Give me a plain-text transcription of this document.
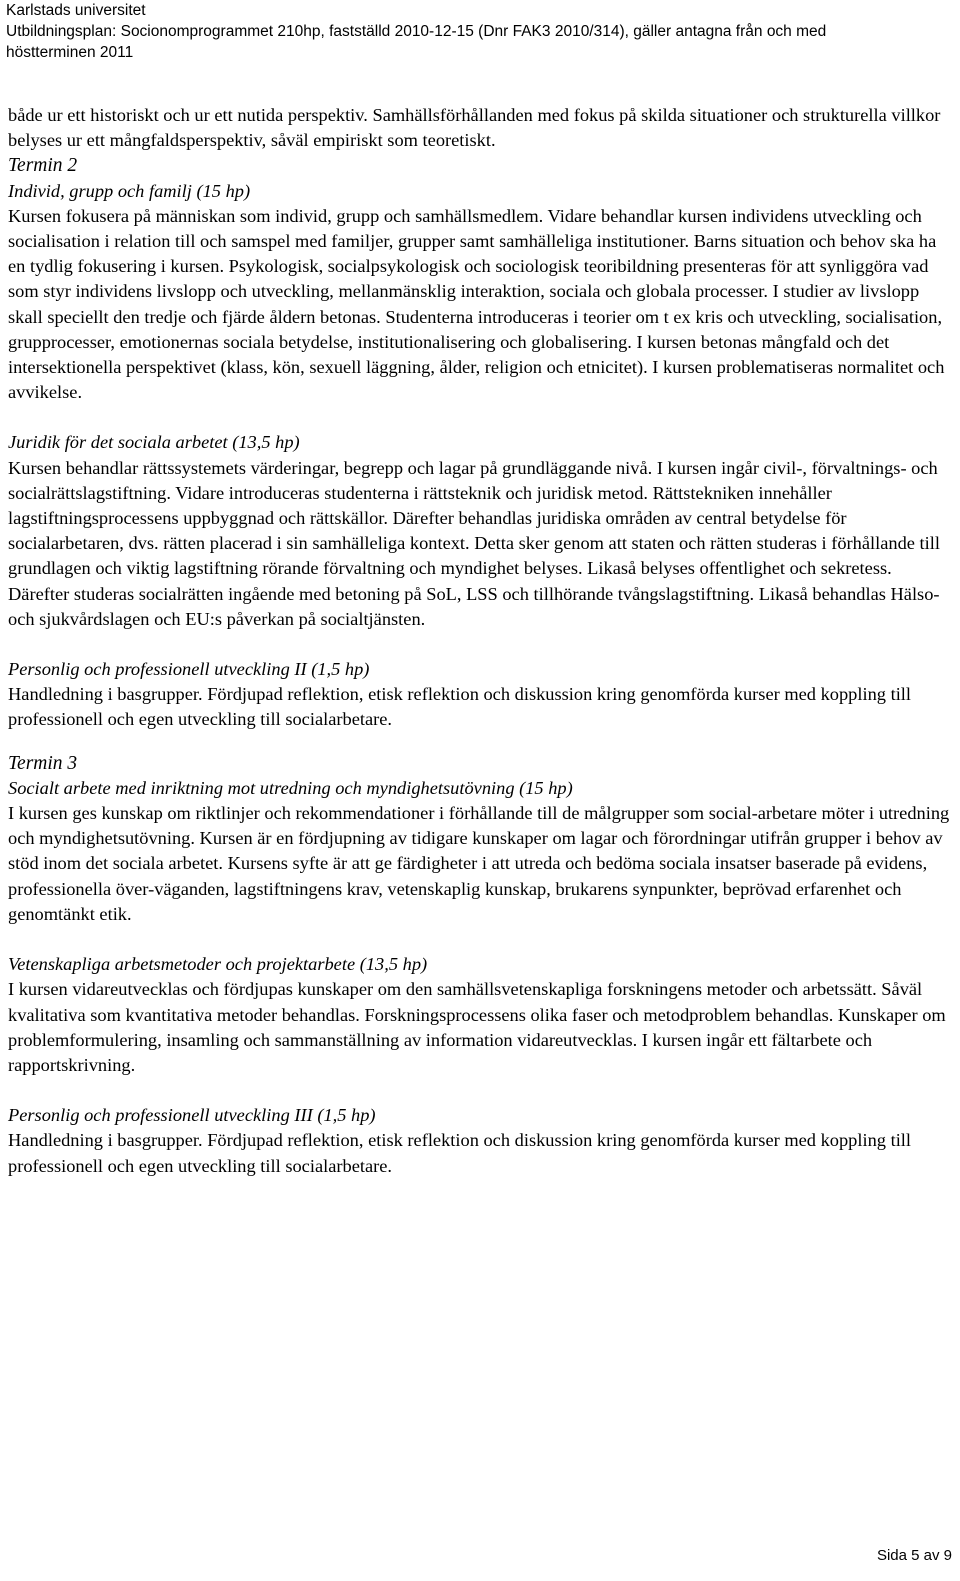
Karlstads universitet
Utbildningsplan: Socionomprogrammet 210hp, fastställd 2010-12-15 (Dnr FAK3 2010/314), gäller antagna från och med
höstterminen 2011

både ur ett historiskt och ur ett nutida perspektiv. Samhällsförhållanden med fokus på skilda situationer och strukturella villkor belyses ur ett mångfaldsperspektiv, såväl empiriskt som teoretiskt.

Termin 2

Individ, grupp och familj (15 hp)

Kursen fokusera på människan som individ, grupp och samhällsmedlem. Vidare behandlar kursen individens utveckling och socialisation i relation till och samspel med familjer, grupper samt samhälleliga institutioner. Barns situation och behov ska ha en tydlig fokusering i kursen. Psykologisk, socialpsykologisk och sociologisk teoribildning presenteras för att synliggöra vad som styr individens livslopp och utveckling, mellanmänsklig interaktion, sociala och globala processer. I studier av livslopp skall speciellt den tredje och fjärde åldern betonas. Studenterna introduceras i teorier om t ex kris och utveckling, socialisation, grupprocesser, emotionernas sociala betydelse, institutionalisering och globalisering. I kursen betonas mångfald och det intersektionella perspektivet (klass, kön, sexuell läggning, ålder, religion och etnicitet). I kursen problematiseras normalitet och avvikelse.

Juridik för det sociala arbetet (13,5 hp)

Kursen behandlar rättssystemets värderingar, begrepp och lagar på grundläggande nivå. I kursen ingår civil-, förvaltnings- och socialrättslagstiftning. Vidare introduceras studenterna i rättsteknik och juridisk metod. Rättstekniken innehåller lagstiftningsprocessens uppbyggnad och rättskällor. Därefter behandlas juridiska områden av central betydelse för socialarbetaren, dvs. rätten placerad i sin samhälleliga kontext. Detta sker genom att staten och rätten studeras i förhållande till grundlagen och viktig lagstiftning rörande förvaltning och myndighet belyses. Likaså belyses offentlighet och sekretess. Därefter studeras socialrätten ingående med betoning på SoL, LSS och tillhörande tvångslagstiftning. Likaså behandlas Hälso- och sjukvårdslagen och EU:s påverkan på socialtjänsten.

Personlig och professionell utveckling II (1,5 hp)

Handledning i basgrupper. Fördjupad reflektion, etisk reflektion och diskussion kring genomförda kurser med koppling till professionell och egen utveckling till socialarbetare.

Termin 3

Socialt arbete med inriktning mot utredning och myndighetsutövning (15 hp)

I kursen ges kunskap om riktlinjer och rekommendationer i förhållande till de målgrupper som social-arbetare möter i utredning och myndighetsutövning. Kursen är en fördjupning av tidigare kunskaper om lagar och förordningar utifrån grupper i behov av stöd inom det sociala arbetet. Kursens syfte är att ge färdigheter i att utreda och bedöma sociala insatser baserade på evidens, professionella över-väganden, lagstiftningens krav, vetenskaplig kunskap, brukarens synpunkter, beprövad erfarenhet och genomtänkt etik.

Vetenskapliga arbetsmetoder och projektarbete (13,5 hp)

I kursen vidareutvecklas och fördjupas kunskaper om den samhällsvetenskapliga forskningens metoder och arbetssätt. Såväl kvalitativa som kvantitativa metoder behandlas. Forskningsprocessens olika faser och metodproblem behandlas. Kunskaper om problemformulering, insamling och sammanställning av information vidareutvecklas. I kursen ingår ett fältarbete och rapportskrivning.

Personlig och professionell utveckling III (1,5 hp)

Handledning i basgrupper. Fördjupad reflektion, etisk reflektion och diskussion kring genomförda kurser med koppling till professionell och egen utveckling till socialarbetare.

Sida 5 av 9
